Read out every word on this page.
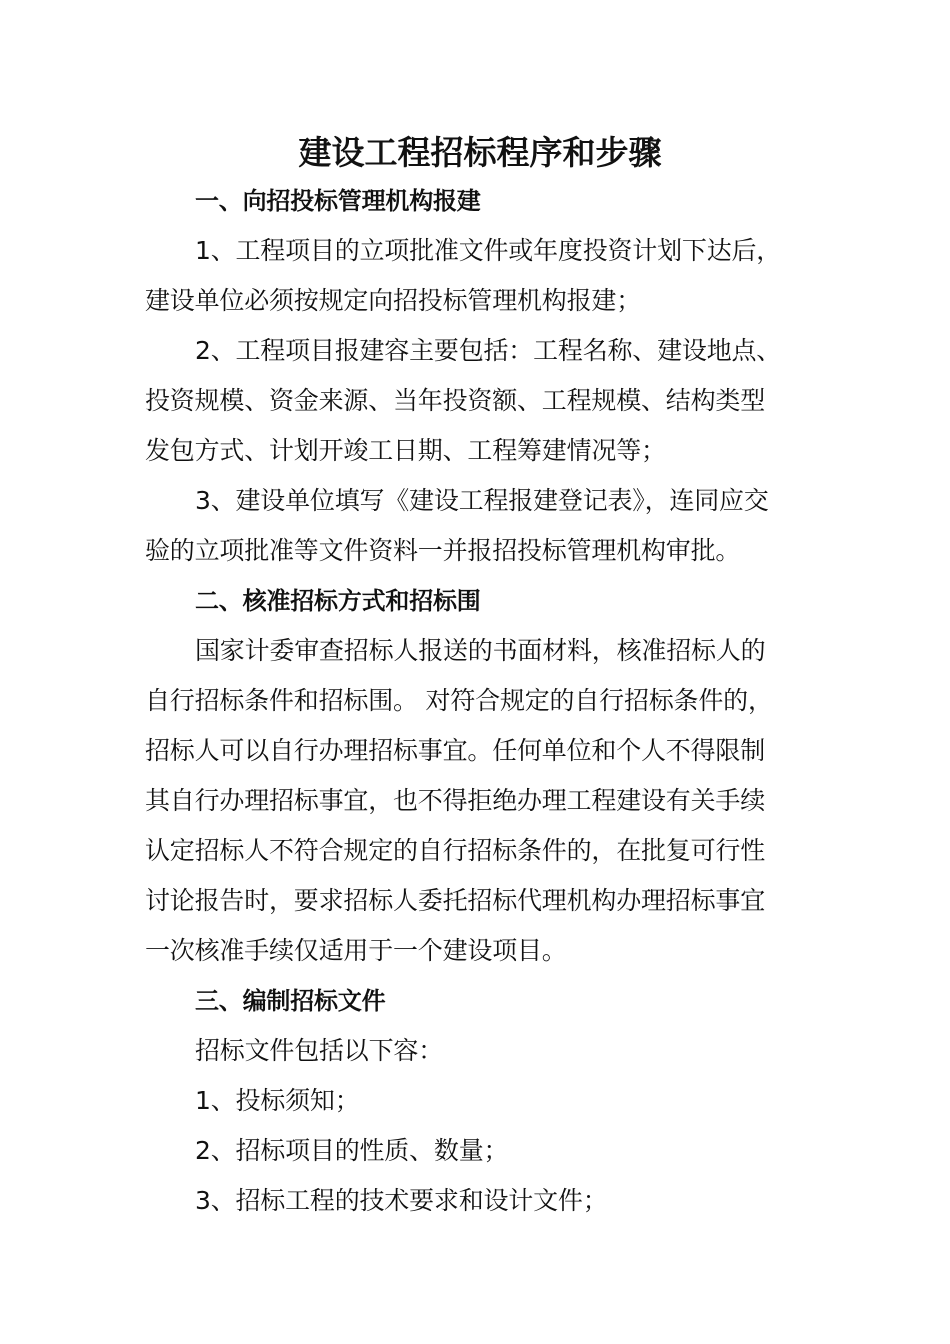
建设工程招标程序和步骤
一、向招投标管理机构报建
1、工程项目的立项批准文件或年度投资计划下达后，
建设单位必须按规定向招投标管理机构报建；
2、工程项目报建容主要包括：工程名称、建设地点、
投资规模、资金来源、当年投资额、工程规模、结构类型
发包方式、计划开竣工日期、工程筹建情况等；
3、建设单位填写《建设工程报建登记表》，连同应交
验的立项批准等文件资料一并报招投标管理机构审批。
二、核准招标方式和招标围
国家计委审查招标人报送的书面材料，核准招标人的
自行招标条件和招标围。 对符合规定的自行招标条件的，
招标人可以自行办理招标事宜。任何单位和个人不得限制
其自行办理招标事宜，也不得拒绝办理工程建设有关手续
认定招标人不符合规定的自行招标条件的，在批复可行性
讨论报告时，要求招标人委托招标代理机构办理招标事宜
一次核准手续仅适用于一个建设项目。
三、编制招标文件
招标文件包括以下容：
1、投标须知；
2、招标项目的性质、数量；
3、招标工程的技术要求和设计文件；
